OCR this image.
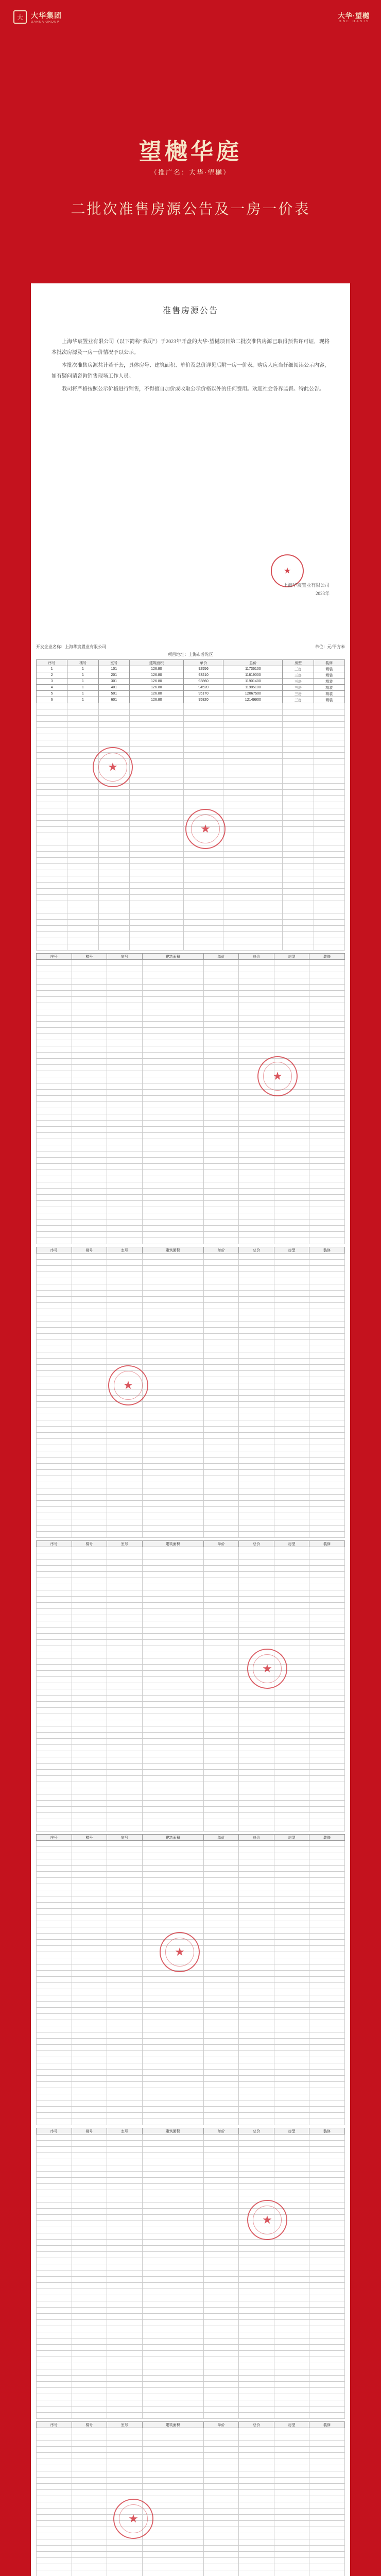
大	大华集团
DAHUA GROUP
大华·望樾
ONE OASIS
望樾华庭
（推广名：大华·望樾）
二批次准售房源公告及一房一价表
准售房源公告

上海华宸置业有限公司（以下简称“我司”）于2023年开盘的大华·望樾项目第二批次准售房源已取得预售许可证，现将本批次房源及一房一价情况予以公示。

本批次准售房源共计若干套，具体房号、建筑面积、单价及总价详见后附一房一价表。购房人应当仔细阅读公示内容，如有疑问请咨询销售现场工作人员。

我司将严格按照公示价格进行销售，不得擅自加价或收取公示价格以外的任何费用。欢迎社会各界监督。特此公告。

★
上海华宸置业有限公司
2023年
开发企业名称：上海华宸置业有限公司	单位：元/平方米
项目地址：上海市普陀区
序号	楼号	室号	建筑面积	单价	总价	房型	装修
1	1	101	126.80	92556	11736100	三房	精装
2	1	201	126.80	93210	11819000	三房	精装
3	1	301	126.80	93860	11901400	三房	精装
4	1	401	126.80	94520	11985100	三房	精装
5	1	501	126.80	95170	12067500	三房	精装
6	1	601	126.80	95820	12149900	三房	精装

序号	楼号	室号	建筑面积	单价	总价	房型	装修

序号	楼号	室号	建筑面积	单价	总价	房型	装修

序号	楼号	室号	建筑面积	单价	总价	房型	装修

序号	楼号	室号	建筑面积	单价	总价	房型	装修

序号	楼号	室号	建筑面积	单价	总价	房型	装修

序号	楼号	室号	建筑面积	单价	总价	房型	装修

★
★
★
★
★
★
★
★
